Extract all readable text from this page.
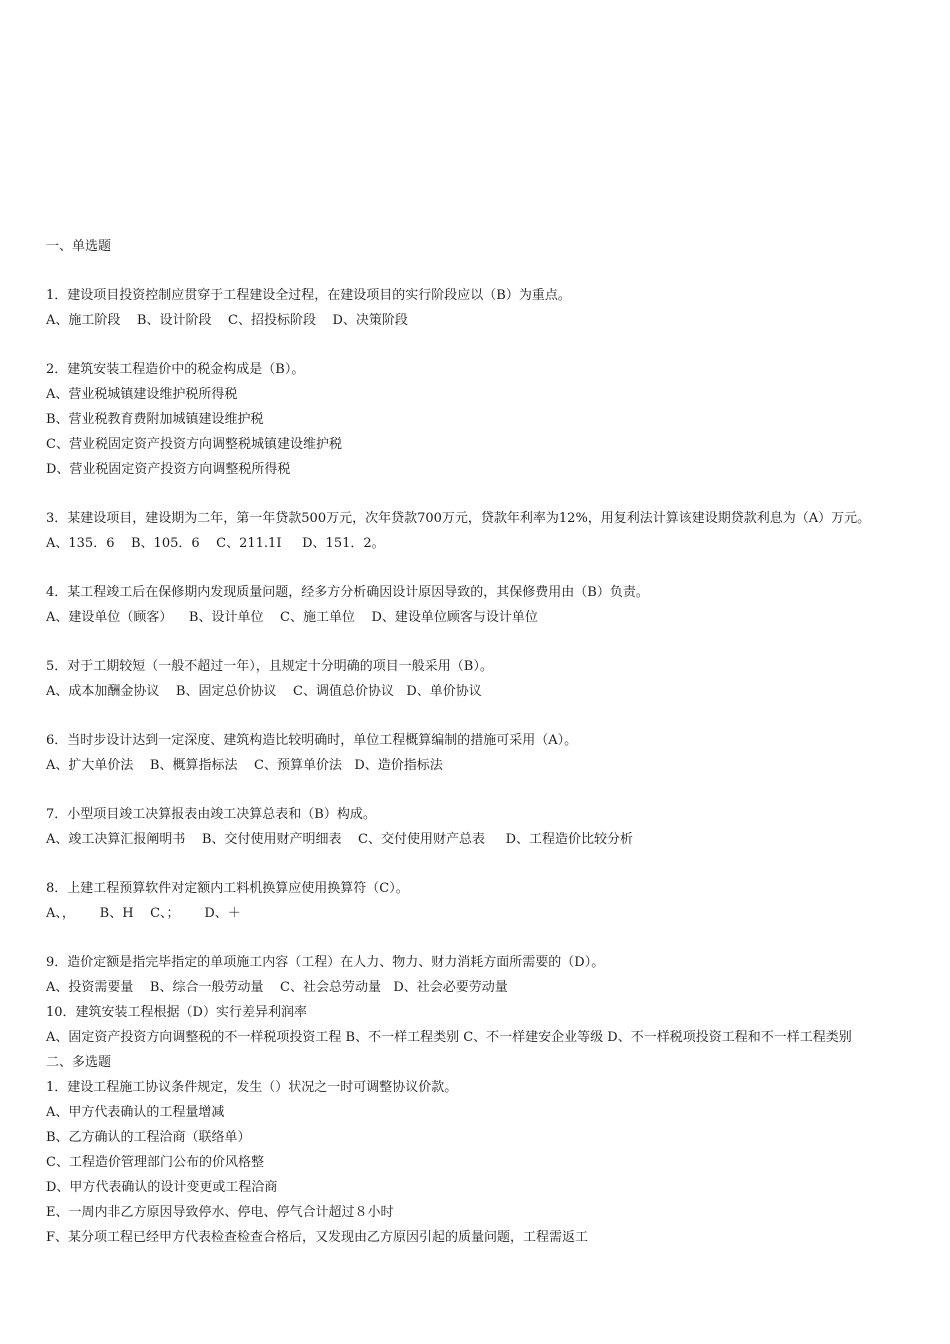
一、单选题

1．建设项目投资控制应贯穿于工程建设全过程，在建设项目的实行阶段应以（B）为重点。

A、施工阶段    B、设计阶段    C、招投标阶段    D、决策阶段

2．建筑安装工程造价中的税金构成是（B）。

A、营业税城镇建设维护税所得税

B、营业税教育费附加城镇建设维护税

C、营业税固定资产投资方向调整税城镇建设维护税

D、营业税固定资产投资方向调整税所得税

3．某建设项目，建设期为二年，第一年贷款500万元，次年贷款700万元，贷款年利率为12%，用复利法计算该建设期贷款利息为（A）万元。

A、135．6    B、105．6    C、211.1I     D、151．2。

4．某工程竣工后在保修期内发现质量问题，经多方分析确因设计原因导致的，其保修费用由（B）负责。

A、建设单位（顾客）    B、设计单位    C、施工单位    D、建设单位顾客与设计单位

5．对于工期较短（一般不超过一年），且规定十分明确的项目一般采用（B）。

A、成本加酬金协议    B、固定总价协议    C、调值总价协议   D、单价协议

6．当时步设计达到一定深度、建筑构造比较明确时，单位工程概算编制的措施可采用（A）。

A、扩大单价法    B、概算指标法    C、预算单价法   D、造价指标法

7．小型项目竣工决算报表由竣工决算总表和（B）构成。

A、竣工决算汇报阐明书    B、交付使用财产明细表    C、交付使用财产总表     D、工程造价比较分析

8．上建工程预算软件对定额内工料机换算应使用换算符（C）。

A、，      B、H    C、；      D、＋

9．造价定额是指完毕指定的单项施工内容（工程）在人力、物力、财力消耗方面所需要的（D）。

A、投资需要量    B、综合一般劳动量    C、社会总劳动量   D、社会必要劳动量

10．建筑安装工程根据（D）实行差异利润率

A、固定资产投资方向调整税的不一样税项投资工程 B、不一样工程类别 C、不一样建安企业等级 D、不一样税项投资工程和不一样工程类别

二、多选题

1．建设工程施工协议条件规定，发生（）状况之一时可调整协议价款。

A、甲方代表确认的工程量增减

B、乙方确认的工程洽商（联络单）

C、工程造价管理部门公布的价风格整

D、甲方代表确认的设计变更或工程洽商

E、一周内非乙方原因导致停水、停电、停气合计超过８小时

F、某分项工程已经甲方代表检查检查合格后，又发现由乙方原因引起的质量问题，工程需返工
